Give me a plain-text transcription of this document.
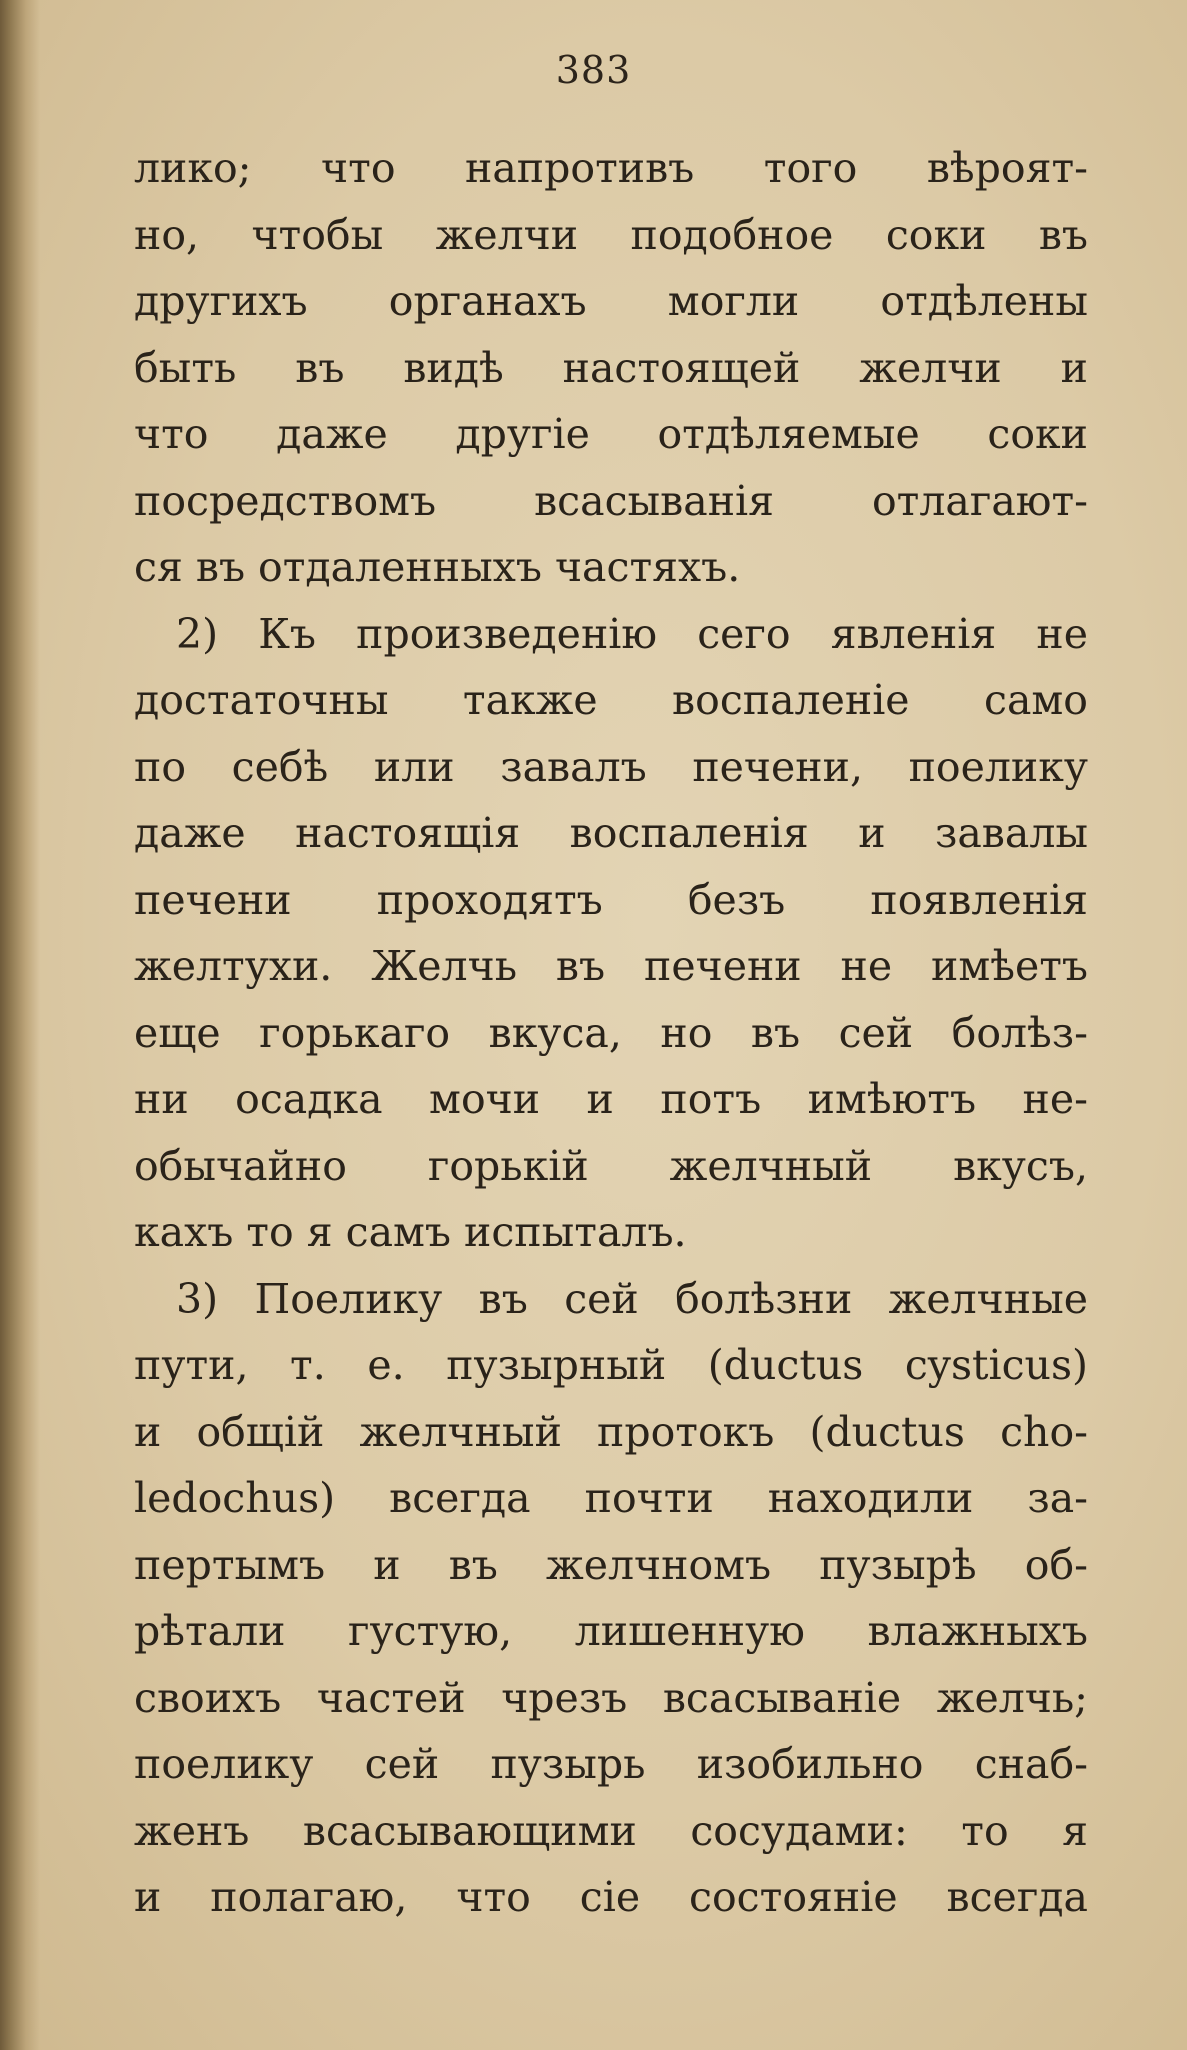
383
лико; что напротивъ того вѣроят-
но, чтобы желчи подобное соки въ
другихъ органахъ могли отдѣлены
быть въ видѣ настоящей желчи и
что даже другіе отдѣляемые соки
посредствомъ всасыванія отлагают-
ся въ отдаленныхъ частяхъ.
2) Къ произведенію сего явленія не
достаточны также воспаленіе само
по себѣ или завалъ печени, поелику
даже настоящія воспаленія и завалы
печени проходятъ безъ появленія
желтухи. Желчь въ печени не имѣетъ
еще горькаго вкуса, но въ сей болѣз-
ни осадка мочи и потъ имѣютъ не-
обычайно горькій желчный вкусъ,
кахъ то я самъ испыталъ.
3) Поелику въ сей болѣзни желчные
пути, т. е. пузырный (ductus cysticus)
и общій желчный протокъ (ductus cho-
ledochus) всегда почти находили за-
пертымъ и въ желчномъ пузырѣ об-
рѣтали густую, лишенную влажныхъ
своихъ частей чрезъ всасываніе желчь;
поелику сей пузырь изобильно снаб-
женъ всасывающими сосудами: то я
и полагаю, что сіе состояніе всегда
